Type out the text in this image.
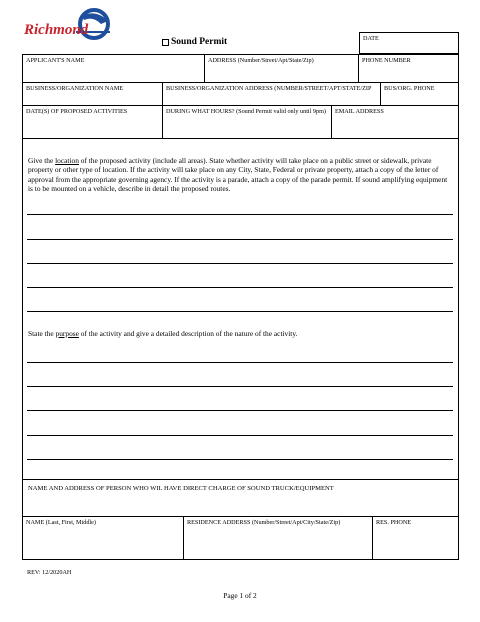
Richmond
Sound Permit	DATE
APPLICANT'S NAME	ADDRESS (Number/Street/Apt/State/Zip)	PHONE NUMBER
BUSINESS/ORGANIZATION NAME	BUSINESS/ORGANIZATION ADDRESS (NUMBER/STREET/APT/STATE/ZIP	BUS/ORG. PHONE
DATE(S) OF PROPOSED ACTIVITIES	DURING WHAT HOURS? (Sound Permit valid only until 9pm)	EMAIL ADDRESS
Give the location of the proposed activity (include all areas). State whether activity will take place on a public street or sidewalk, private property or other type of location. If the activity will take place on any City, State, Federal or private property, attach a copy of the letter of approval from the appropriate governing agency. If the activity is a parade, attach a copy of the parade permit. If sound amplifying equipment is to be mounted on a vehicle, describe in detail the proposed routes.
State the purpose of the activity and give a detailed description of the nature of the activity.
NAME AND ADDRESS OF PERSON WHO WIL HAVE DIRECT CHARGE OF SOUND TRUCK/EQUIPMENT
NAME (Last, First, Middle)	RESIDENCE ADDERSS (Number/Street/Apt/City/State/Zip)	RES. PHONE
REV: 12/2020AH
Page 1 of 2
